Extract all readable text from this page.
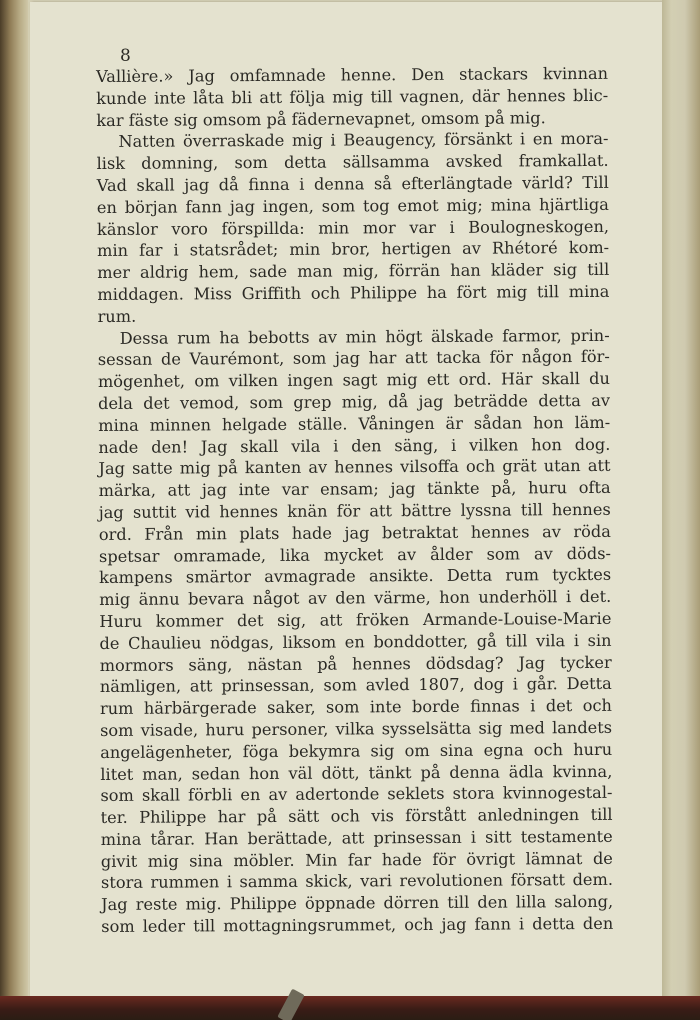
8
Vallière.» Jag omfamnade henne. Den stackars kvinnan
kunde inte låta bli att följa mig till vagnen, där hennes blic-
kar fäste sig omsom på fädernevapnet, omsom på mig.
Natten överraskade mig i Beaugency, försänkt i en mora-
lisk domning, som detta sällsamma avsked framkallat.
Vad skall jag då finna i denna så efterlängtade värld? Till
en början fann jag ingen, som tog emot mig; mina hjärtliga
känslor voro förspillda: min mor var i Boulogneskogen,
min far i statsrådet; min bror, hertigen av Rhétoré kom-
mer aldrig hem, sade man mig, förrän han kläder sig till
middagen. Miss Griffith och Philippe ha fört mig till mina
rum.
Dessa rum ha bebotts av min högt älskade farmor, prin-
sessan de Vaurémont, som jag har att tacka för någon för-
mögenhet, om vilken ingen sagt mig ett ord. Här skall du
dela det vemod, som grep mig, då jag beträdde detta av
mina minnen helgade ställe. Våningen är sådan hon läm-
nade den! Jag skall vila i den säng, i vilken hon dog.
Jag satte mig på kanten av hennes vilsoffa och grät utan att
märka, att jag inte var ensam; jag tänkte på, huru ofta
jag suttit vid hennes knän för att bättre lyssna till hennes
ord. Från min plats hade jag betraktat hennes av röda
spetsar omramade, lika mycket av ålder som av döds-
kampens smärtor avmagrade ansikte. Detta rum tycktes
mig ännu bevara något av den värme, hon underhöll i det.
Huru kommer det sig, att fröken Armande-Louise-Marie
de Chaulieu nödgas, liksom en bonddotter, gå till vila i sin
mormors säng, nästan på hennes dödsdag? Jag tycker
nämligen, att prinsessan, som avled 1807, dog i går. Detta
rum härbärgerade saker, som inte borde finnas i det och
som visade, huru personer, vilka sysselsätta sig med landets
angelägenheter, föga bekymra sig om sina egna och huru
litet man, sedan hon väl dött, tänkt på denna ädla kvinna,
som skall förbli en av adertonde seklets stora kvinnogestal-
ter. Philippe har på sätt och vis förstått anledningen till
mina tårar. Han berättade, att prinsessan i sitt testamente
givit mig sina möbler. Min far hade för övrigt lämnat de
stora rummen i samma skick, vari revolutionen försatt dem.
Jag reste mig. Philippe öppnade dörren till den lilla salong,
som leder till mottagningsrummet, och jag fann i detta den
